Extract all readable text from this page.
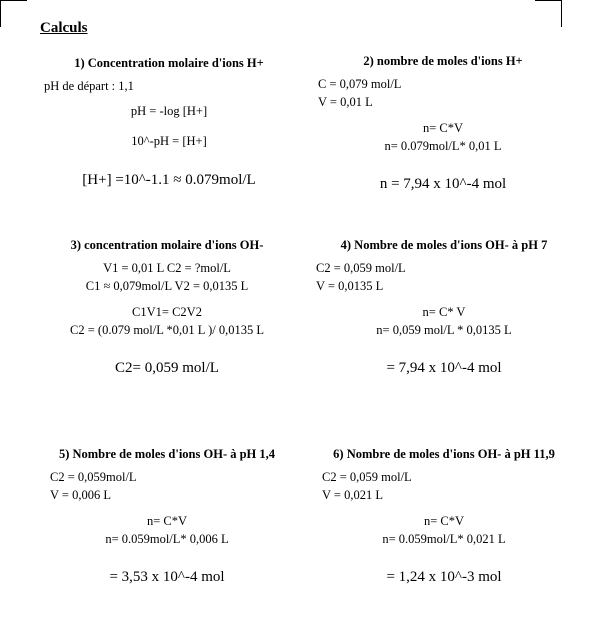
Calculs
1) Concentration molaire d'ions H+
pH de départ : 1,1
pH = -log [H+]
10^-pH = [H+]
[H+] =10^-1.1 ≈ 0.079mol/L
2) nombre de moles d'ions H+
C = 0,079 mol/L
V = 0,01 L
n= C*V
n= 0.079mol/L* 0,01 L
n = 7,94 x 10^-4 mol
3) concentration molaire d'ions OH-
V1 = 0,01 L C2 = ?mol/L
C1 ≈ 0,079mol/L V2 = 0,0135 L
C1V1= C2V2
C2 = (0.079 mol/L *0,01 L )/ 0,0135 L
C2= 0,059 mol/L
4) Nombre de moles d'ions OH- à pH 7
C2 = 0,059 mol/L
V = 0,0135 L
n= C* V
n= 0,059 mol/L * 0,0135 L
= 7,94 x 10^-4 mol
5) Nombre de moles d'ions OH- à pH 1,4
C2 = 0,059mol/L
V = 0,006 L
n= C*V
n= 0.059mol/L* 0,006 L
= 3,53 x 10^-4 mol
6) Nombre de moles d'ions OH- à pH 11,9
C2 = 0,059 mol/L
V = 0,021 L
n= C*V
n= 0.059mol/L* 0,021 L
= 1,24 x 10^-3 mol
